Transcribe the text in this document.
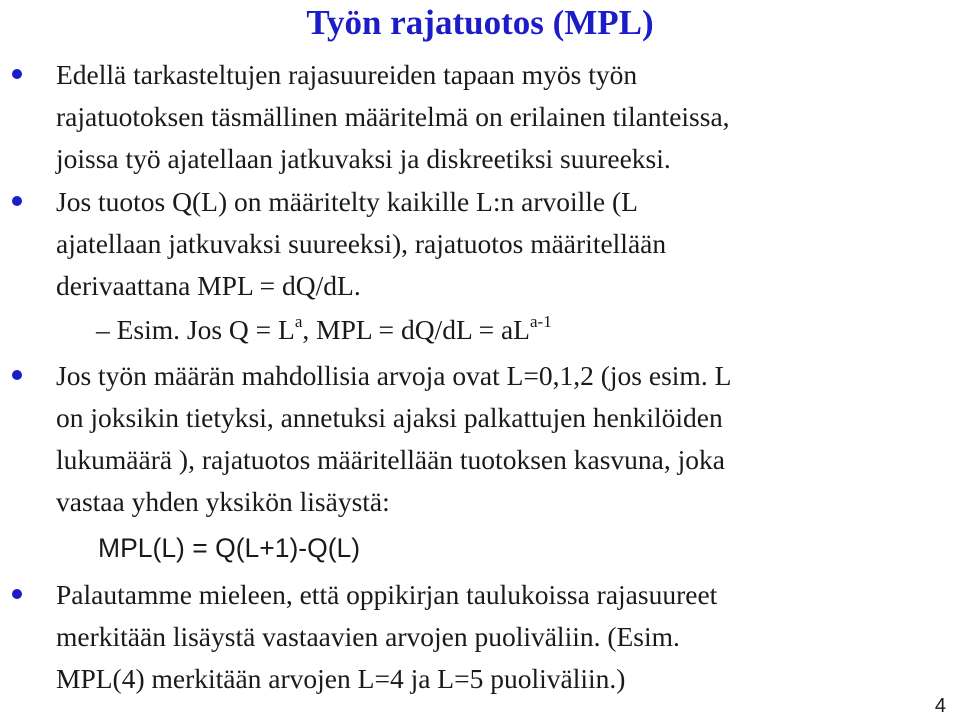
Työn rajatuotos (MPL)
Edellä tarkasteltujen rajasuureiden tapaan myös työn
rajatuotoksen täsmällinen määritelmä on erilainen tilanteissa,
joissa työ ajatellaan jatkuvaksi ja diskreetiksi suureeksi.
Jos tuotos Q(L) on määritelty kaikille L:n arvoille (L
ajatellaan jatkuvaksi suureeksi), rajatuotos määritellään
derivaattana MPL = dQ/dL.
– Esim. Jos $Q = L^a$, MPL = $dQ/dL = aL^{a-1}$
Jos työn määrän mahdollisia arvoja ovat L=0,1,2 (jos esim. L
on joksikin tietyksi, annetuksi ajaksi palkattujen henkilöiden
lukumäärä ), rajatuotos määritellään tuotoksen kasvuna, joka
vastaa yhden yksikön lisäystä:
MPL(L) = Q(L+1)-Q(L)
Palautamme mieleen, että oppikirjan taulukoissa rajasuureet
merkitään lisäystä vastaavien arvojen puoliväliin. (Esim.
MPL(4) merkitään arvojen L=4 ja L=5 puoliväliin.)
4
